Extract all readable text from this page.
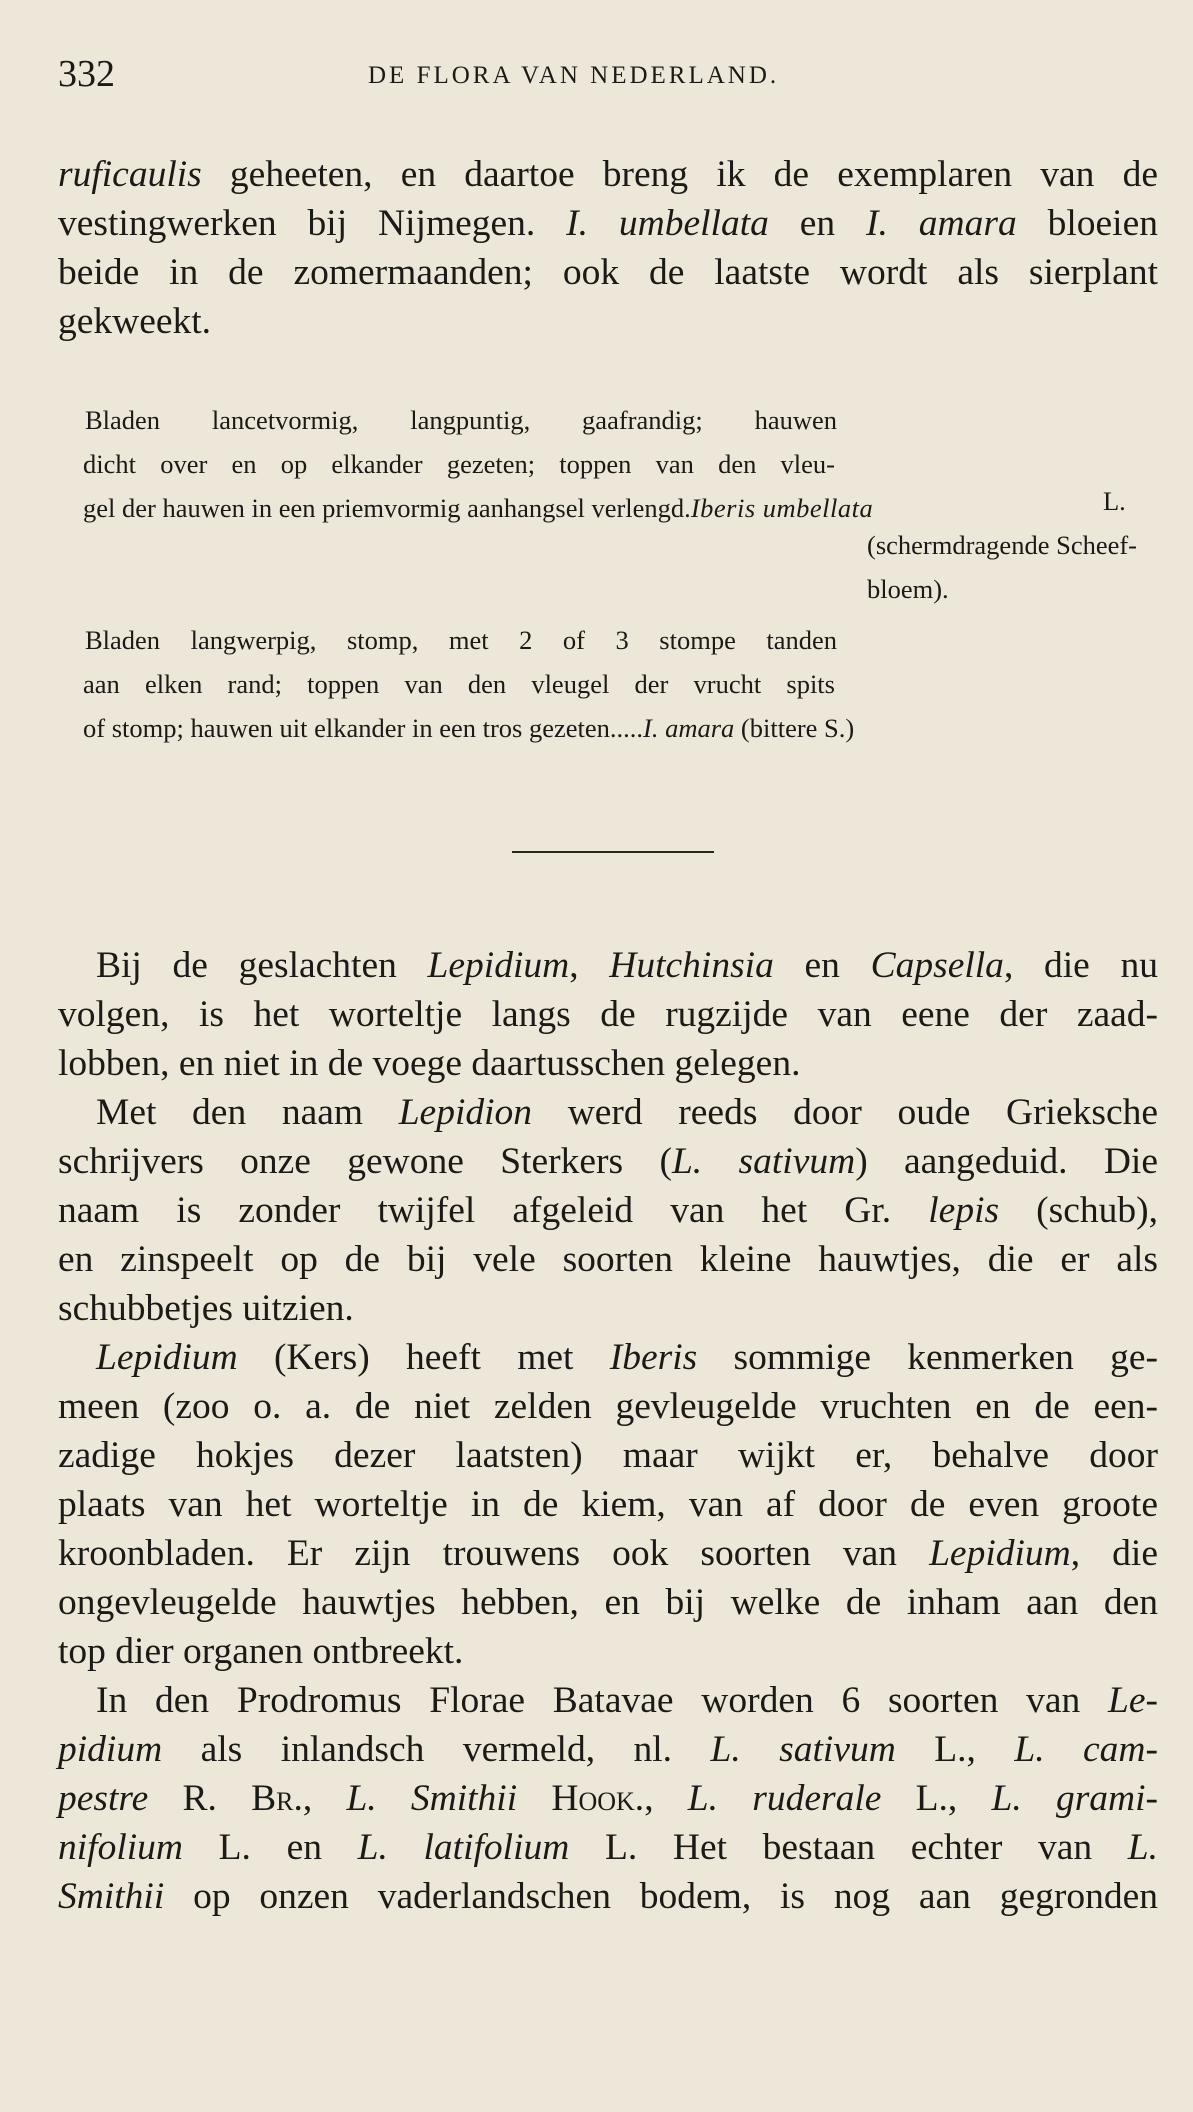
332	DE FLORA VAN NEDERLAND.
ruficaulis geheeten, en daartoe breng ik de exemplaren van de
vestingwerken bij Nijmegen. I. umbellata en I. amara bloeien
beide in de zomermaanden; ook de laatste wordt als sierplant
gekweekt.
Bladen lancetvormig, langpuntig, gaafrandig; hauwen
dicht over en op elkander gezeten; toppen van den vleu-
gel der hauwen in een priemvormig aanhangsel verlengd.Iberis umbellata	L.
(schermdragende Scheef-
bloem).
Bladen langwerpig, stomp, met 2 of 3 stompe tanden
aan elken rand; toppen van den vleugel der vrucht spits
of stomp; hauwen uit elkander in een tros gezeten.....I. amara (bittere S.)
Bij de geslachten Lepidium, Hutchinsia en Capsella, die nu
volgen, is het worteltje langs de rugzijde van eene der zaad-
lobben, en niet in de voege daartusschen gelegen.
Met den naam Lepidion werd reeds door oude Grieksche
schrijvers onze gewone Sterkers (L. sativum) aangeduid. Die
naam is zonder twijfel afgeleid van het Gr. lepis (schub),
en zinspeelt op de bij vele soorten kleine hauwtjes, die er als
schubbetjes uitzien.
Lepidium (Kers) heeft met Iberis sommige kenmerken ge-
meen (zoo o. a. de niet zelden gevleugelde vruchten en de een-
zadige hokjes dezer laatsten) maar wijkt er, behalve door
plaats van het worteltje in de kiem, van af door de even groote
kroonbladen. Er zijn trouwens ook soorten van Lepidium, die
ongevleugelde hauwtjes hebben, en bij welke de inham aan den
top dier organen ontbreekt.
In den Prodromus Florae Batavae worden 6 soorten van Le-
pidium als inlandsch vermeld, nl. L. sativum L., L. cam-
pestre R. Br., L. Smithii Hook., L. ruderale L., L. grami-
nifolium L. en L. latifolium L. Het bestaan echter van L.
Smithii op onzen vaderlandschen bodem, is nog aan gegronden
